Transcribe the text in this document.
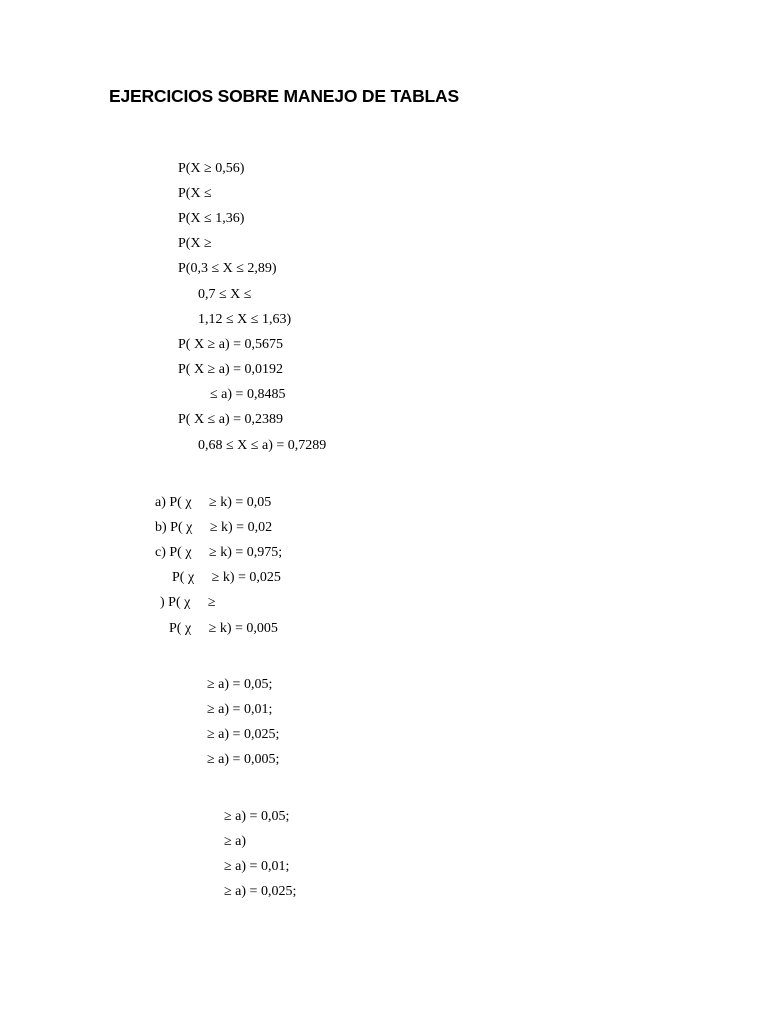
EJERCICIOS SOBRE MANEJO DE TABLAS
P(X ≥ 0,56)
P(X ≤
P(X ≤ 1,36)
P(X ≥
P(0,3 ≤ X ≤ 2,89)
0,7 ≤ X ≤
1,12 ≤ X ≤ 1,63)
P( X ≥ a) = 0,5675
P( X ≥ a) = 0,0192
≤ a) = 0,8485
P( X ≤ a) = 0,2389
0,68 ≤ X ≤ a) = 0,7289
a) P( χ     ≥ k) = 0,05
b) P( χ     ≥ k) = 0,02
c) P( χ     ≥ k) = 0,975;
P( χ     ≥ k) = 0,025
) P( χ     ≥
P( χ     ≥ k) = 0,005
≥ a) = 0,05;
≥ a) = 0,01;
≥ a) = 0,025;
≥ a) = 0,005;
≥ a) = 0,05;
≥ a)
≥ a) = 0,01;
≥ a) = 0,025;
